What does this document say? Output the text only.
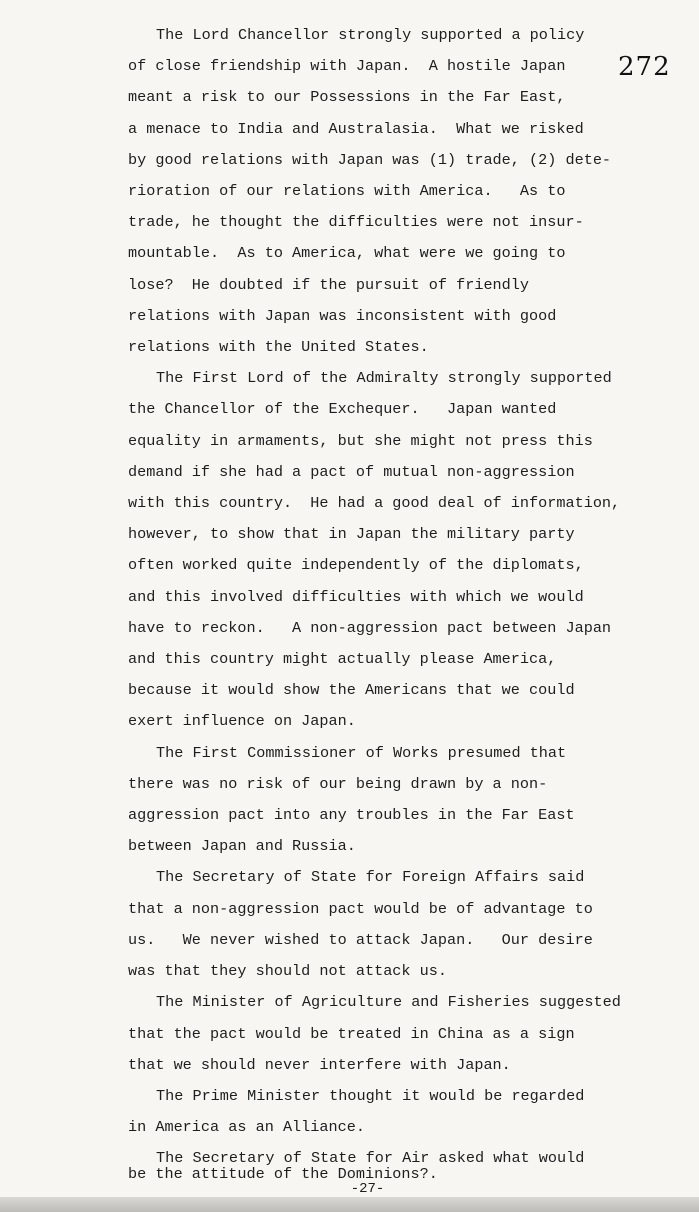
272

The Lord Chancellor strongly supported a policy
of close friendship with Japan.  A hostile Japan
meant a risk to our Possessions in the Far East,
a menace to India and Australasia.  What we risked
by good relations with Japan was (1) trade, (2) dete-
rioration of our relations with America.   As to
trade, he thought the difficulties were not insur-
mountable.  As to America, what were we going to
lose?  He doubted if the pursuit of friendly
relations with Japan was inconsistent with good
relations with the United States.

The First Lord of the Admiralty strongly supported
the Chancellor of the Exchequer.   Japan wanted
equality in armaments, but she might not press this
demand if she had a pact of mutual non-aggression
with this country.  He had a good deal of information,
however, to show that in Japan the military party
often worked quite independently of the diplomats,
and this involved difficulties with which we would
have to reckon.   A non-aggression pact between Japan
and this country might actually please America,
because it would show the Americans that we could
exert influence on Japan.

The First Commissioner of Works presumed that
there was no risk of our being drawn by a non-
aggression pact into any troubles in the Far East
between Japan and Russia.

The Secretary of State for Foreign Affairs said
that a non-aggression pact would be of advantage to
us.   We never wished to attack Japan.   Our desire
was that they should not attack us.

The Minister of Agriculture and Fisheries suggested
that the pact would be treated in China as a sign
that we should never interfere with Japan.

The Prime Minister thought it would be regarded
in America as an Alliance.

The Secretary of State for Air asked what would
be the attitude of the Dominions?.
-27-
